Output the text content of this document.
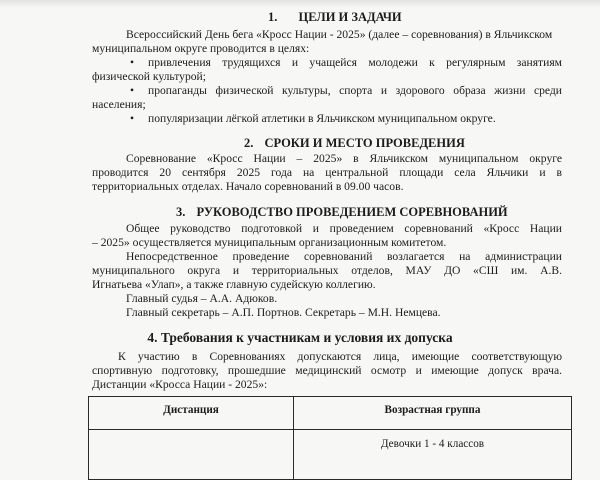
1. ЦЕЛИ И ЗАДАЧИ
Всероссийский День бега «Кросс Нации - 2025» (далее – соревнования) в Яльчикском
муниципальном округе проводится в целях:
• привлечения трудящихся и учащейся молодежи к регулярным занятиям
физической культурой;
• пропаганды физической культуры, спорта и здорового образа жизни среди
населения;
• популяризации лёгкой атлетики в Яльчикском муниципальном округе.
2. СРОКИ И МЕСТО ПРОВЕДЕНИЯ
Соревнование «Кросс Нации – 2025» в Яльчикском муниципальном округе
проводится 20 сентября 2025 года на центральной площади села Яльчики и в
территориальных отделах. Начало соревнований в 09.00 часов.
3. РУКОВОДСТВО ПРОВЕДЕНИЕМ СОРЕВНОВАНИЙ
Общее руководство подготовкой и проведением соревнований «Кросс Нации
– 2025» осуществляется муниципальным организационным комитетом.
Непосредственное проведение соревнований возлагается на администрации
муниципального округа и территориальных отделов, МАУ ДО «СШ им. А.В.
Игнатьева «Улап», а также главную судейскую коллегию.
Главный судья – А.А. Адюков.
Главный секретарь – А.П. Портнов. Секретарь – М.Н. Немцева.
4. Требования к участникам и условия их допуска
К участию в Соревнованиях допускаются лица, имеющие соответствующую
спортивную подготовку, прошедшие медицинский осмотр и имеющие допуск врача.
Дистанции «Кросса Нации - 2025»:
Дистанция	Возрастная группа
	Девочки 1 - 4 классов
